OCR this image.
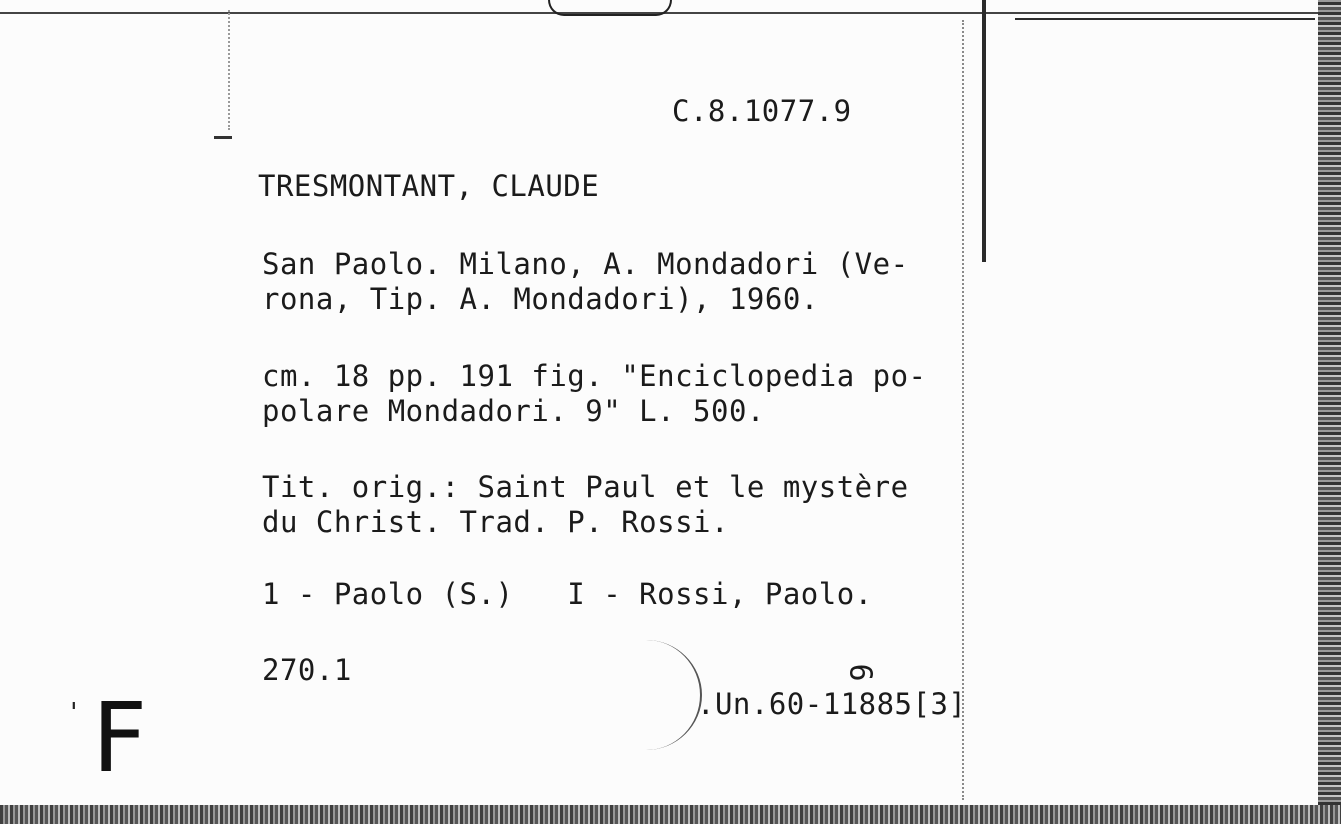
C.8.1077.9
TRESMONTANT, CLAUDE
San Paolo. Milano, A. Mondadori (Ve-
rona, Tip. A. Mondadori), 1960.
cm. 18 pp. 191 fig. "Enciclopedia po-
polare Mondadori. 9" L. 500.
Tit. orig.: Saint Paul et le mystère
du Christ. Trad. P. Rossi.
1 - Paolo (S.)   I - Rossi, Paolo.
270.1
.Un.60-11885[3]
9
' F
